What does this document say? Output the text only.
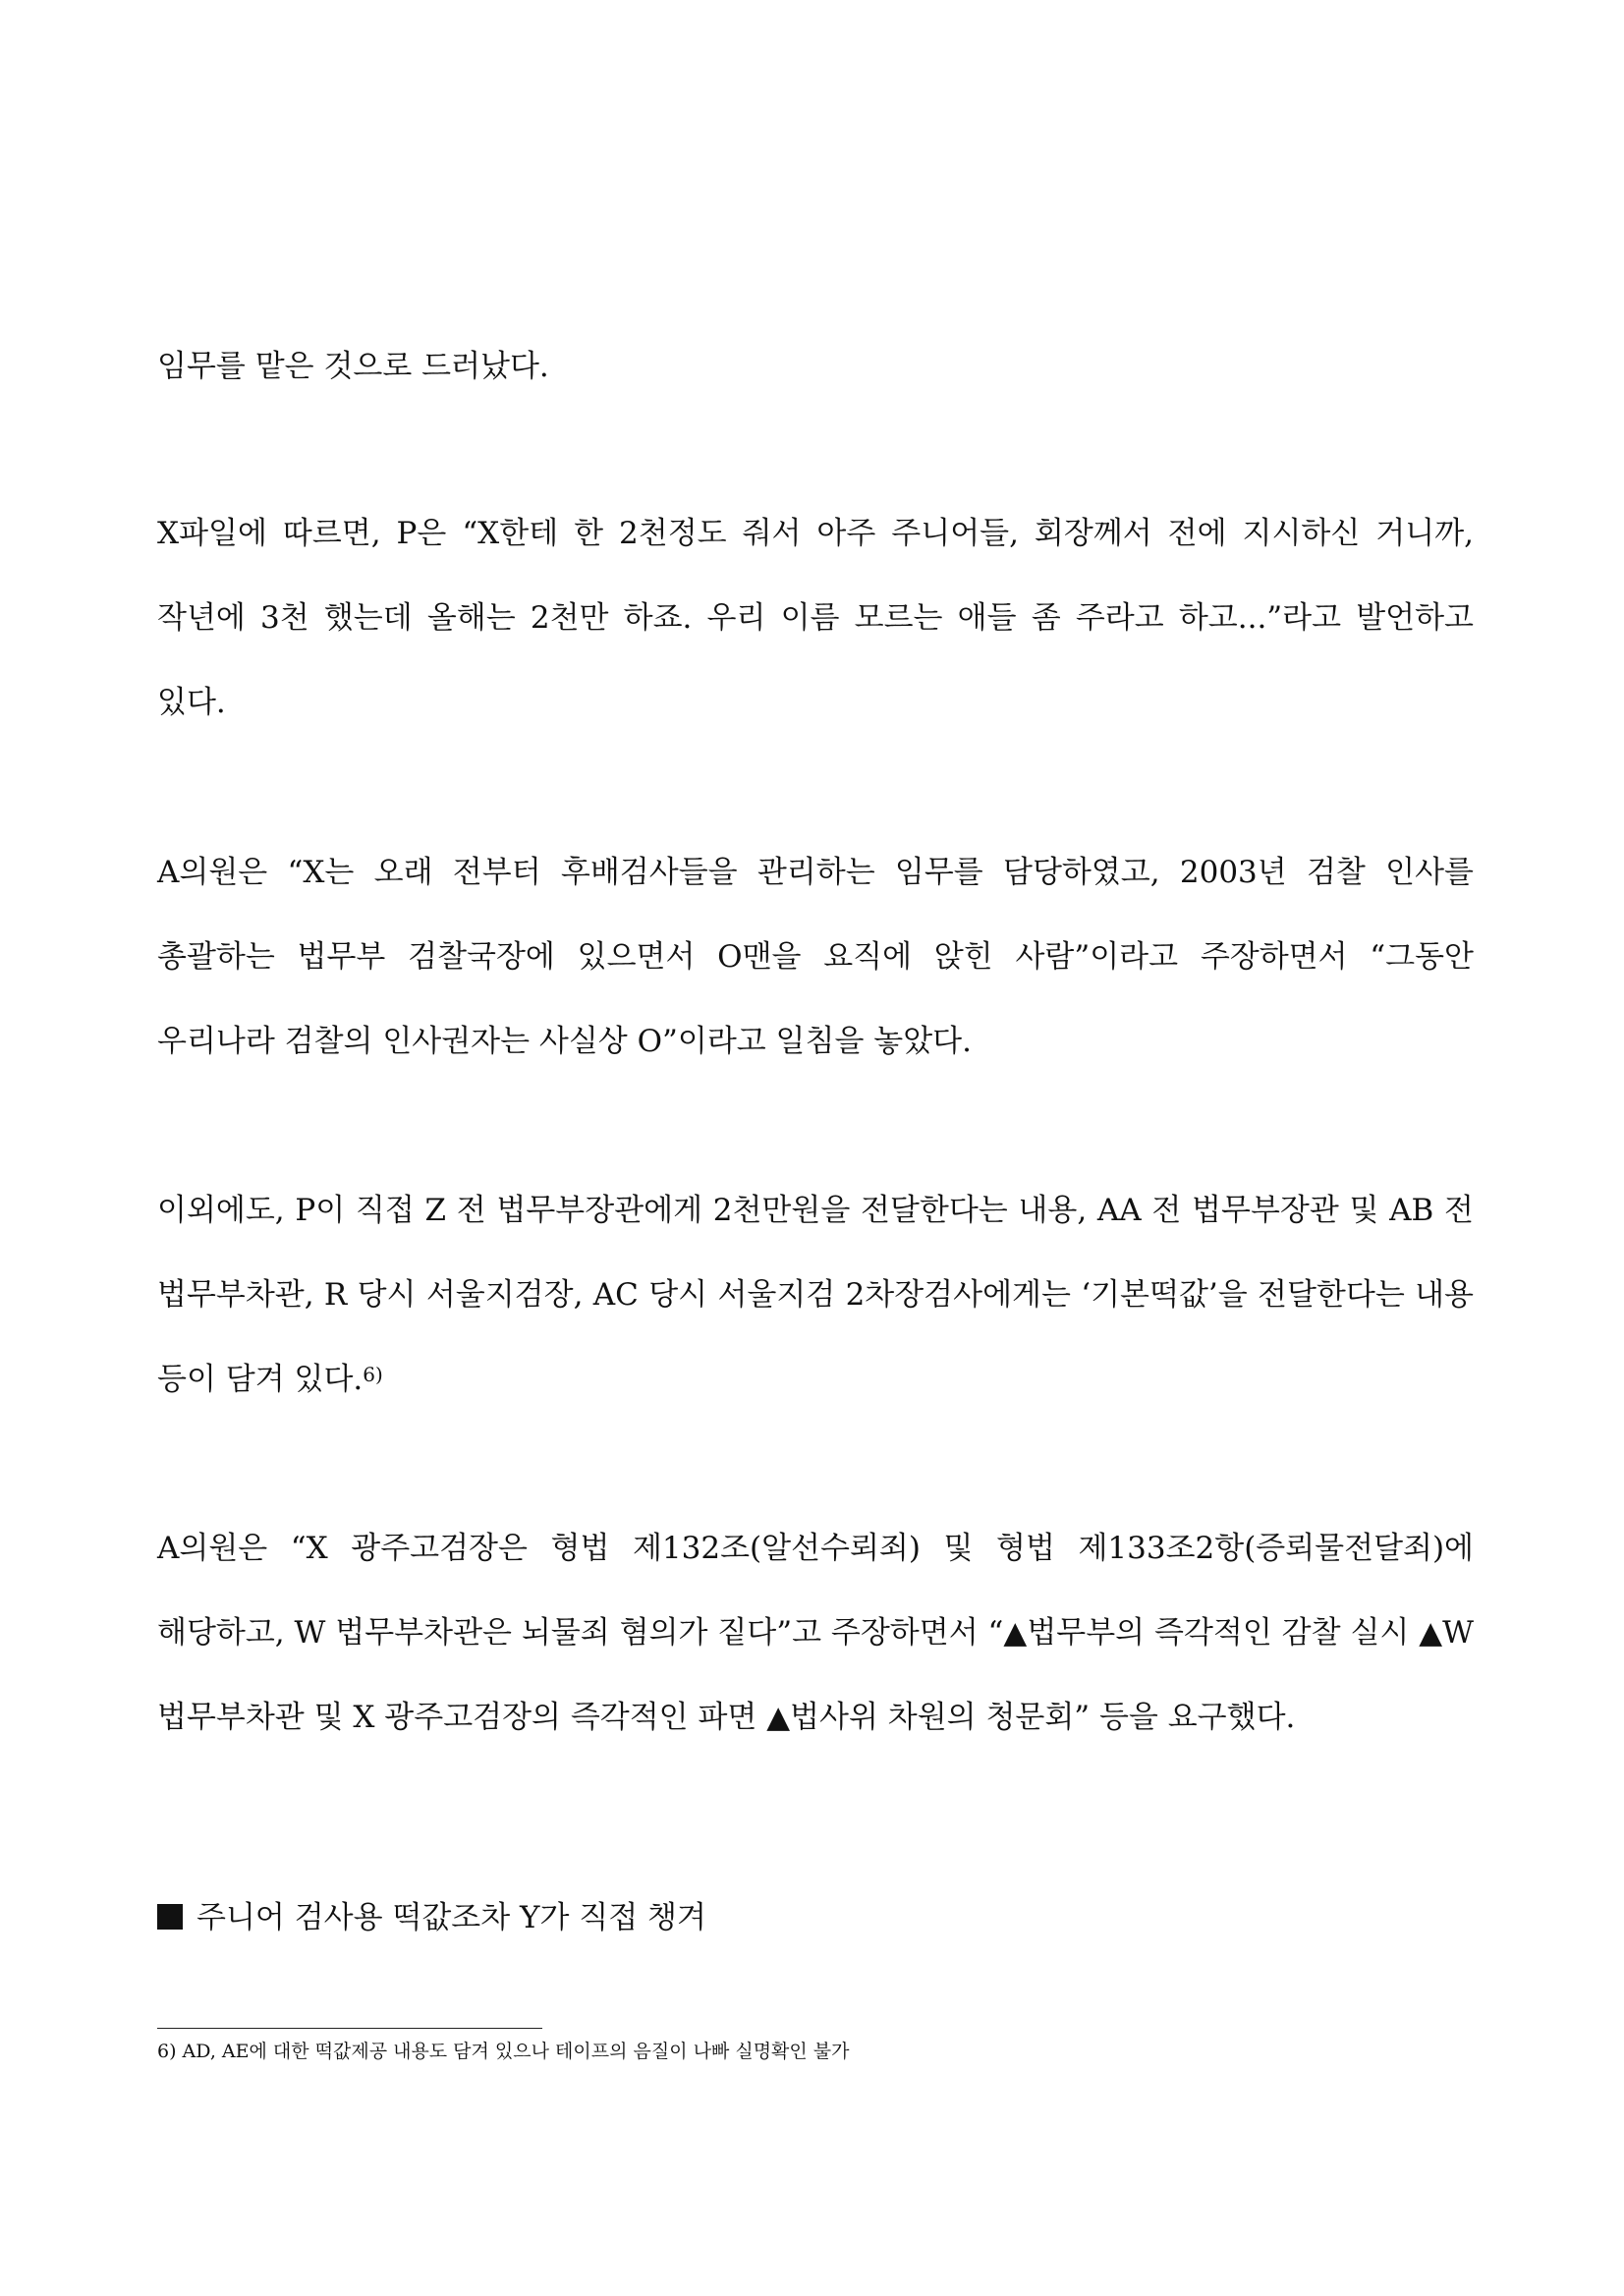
임무를 맡은 것으로 드러났다.

X파일에 따르면, P은 “X한테 한 2천정도 줘서 아주 주니어들, 회장께서 전에 지시하신 거니까, 작년에 3천 했는데 올해는 2천만 하죠. 우리 이름 모르는 애들 좀 주라고 하고...”라고 발언하고 있다.

A의원은 “X는 오래 전부터 후배검사들을 관리하는 임무를 담당하였고, 2003년 검찰 인사를 총괄하는 법무부 검찰국장에 있으면서 O맨을 요직에 앉힌 사람”이라고 주장하면서 “그동안 우리나라 검찰의 인사권자는 사실상 O”이라고 일침을 놓았다.

이외에도, P이 직접 Z 전 법무부장관에게 2천만원을 전달한다는 내용, AA 전 법무부장관 및 AB 전 법무부차관, R 당시 서울지검장, AC 당시 서울지검 2차장검사에게는 ‘기본떡값’을 전달한다는 내용 등이 담겨 있다.$^{6)}$

A의원은 “X 광주고검장은 형법 제132조(알선수뢰죄) 및 형법 제133조2항(증뢰물전달죄)에 해당하고, W 법무부차관은 뇌물죄 혐의가 짙다”고 주장하면서 “▲법무부의 즉각적인 감찰 실시 ▲W 법무부차관 및 X 광주고검장의 즉각적인 파면 ▲법사위 차원의 청문회” 등을 요구했다.

주니어 검사용 떡값조차 Y가 직접 챙겨

6) AD, AE에 대한 떡값제공 내용도 담겨 있으나 테이프의 음질이 나빠 실명확인 불가
